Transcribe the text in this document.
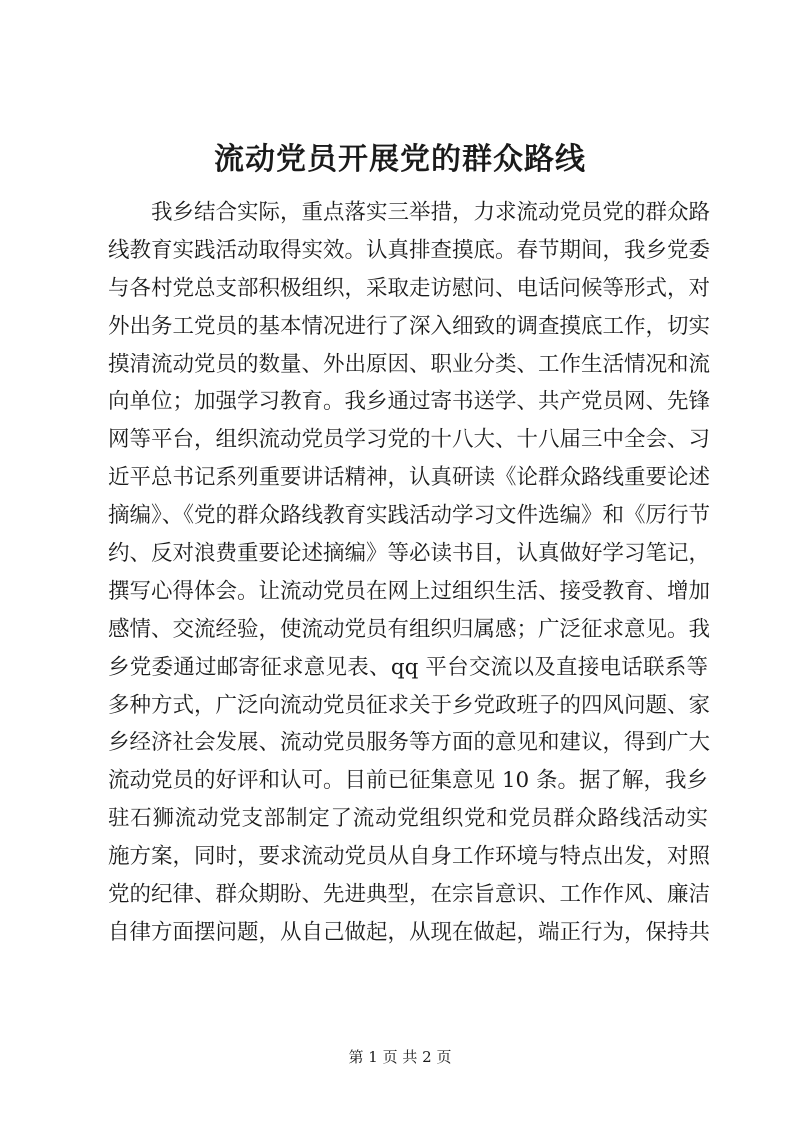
流动党员开展党的群众路线
我乡结合实际，重点落实三举措，力求流动党员党的群众路
线教育实践活动取得实效。认真排查摸底。春节期间，我乡党委
与各村党总支部积极组织，采取走访慰问、电话问候等形式，对
外出务工党员的基本情况进行了深入细致的调查摸底工作，切实
摸清流动党员的数量、外出原因、职业分类、工作生活情况和流
向单位；加强学习教育。我乡通过寄书送学、共产党员网、先锋
网等平台，组织流动党员学习党的十八大、十八届三中全会、习
近平总书记系列重要讲话精神，认真研读《论群众路线重要论述
摘编》、《党的群众路线教育实践活动学习文件选编》和《厉行节
约、反对浪费重要论述摘编》等必读书目，认真做好学习笔记，
撰写心得体会。让流动党员在网上过组织生活、接受教育、增加
感情、交流经验，使流动党员有组织归属感；广泛征求意见。我
乡党委通过邮寄征求意见表、qq 平台交流以及直接电话联系等
多种方式，广泛向流动党员征求关于乡党政班子的四风问题、家
乡经济社会发展、流动党员服务等方面的意见和建议，得到广大
流动党员的好评和认可。目前已征集意见 10 条。据了解，我乡
驻石狮流动党支部制定了流动党组织党和党员群众路线活动实
施方案，同时，要求流动党员从自身工作环境与特点出发，对照
党的纪律、群众期盼、先进典型，在宗旨意识、工作作风、廉洁
自律方面摆问题，从自己做起，从现在做起，端正行为，保持共
第 1 页 共 2 页
